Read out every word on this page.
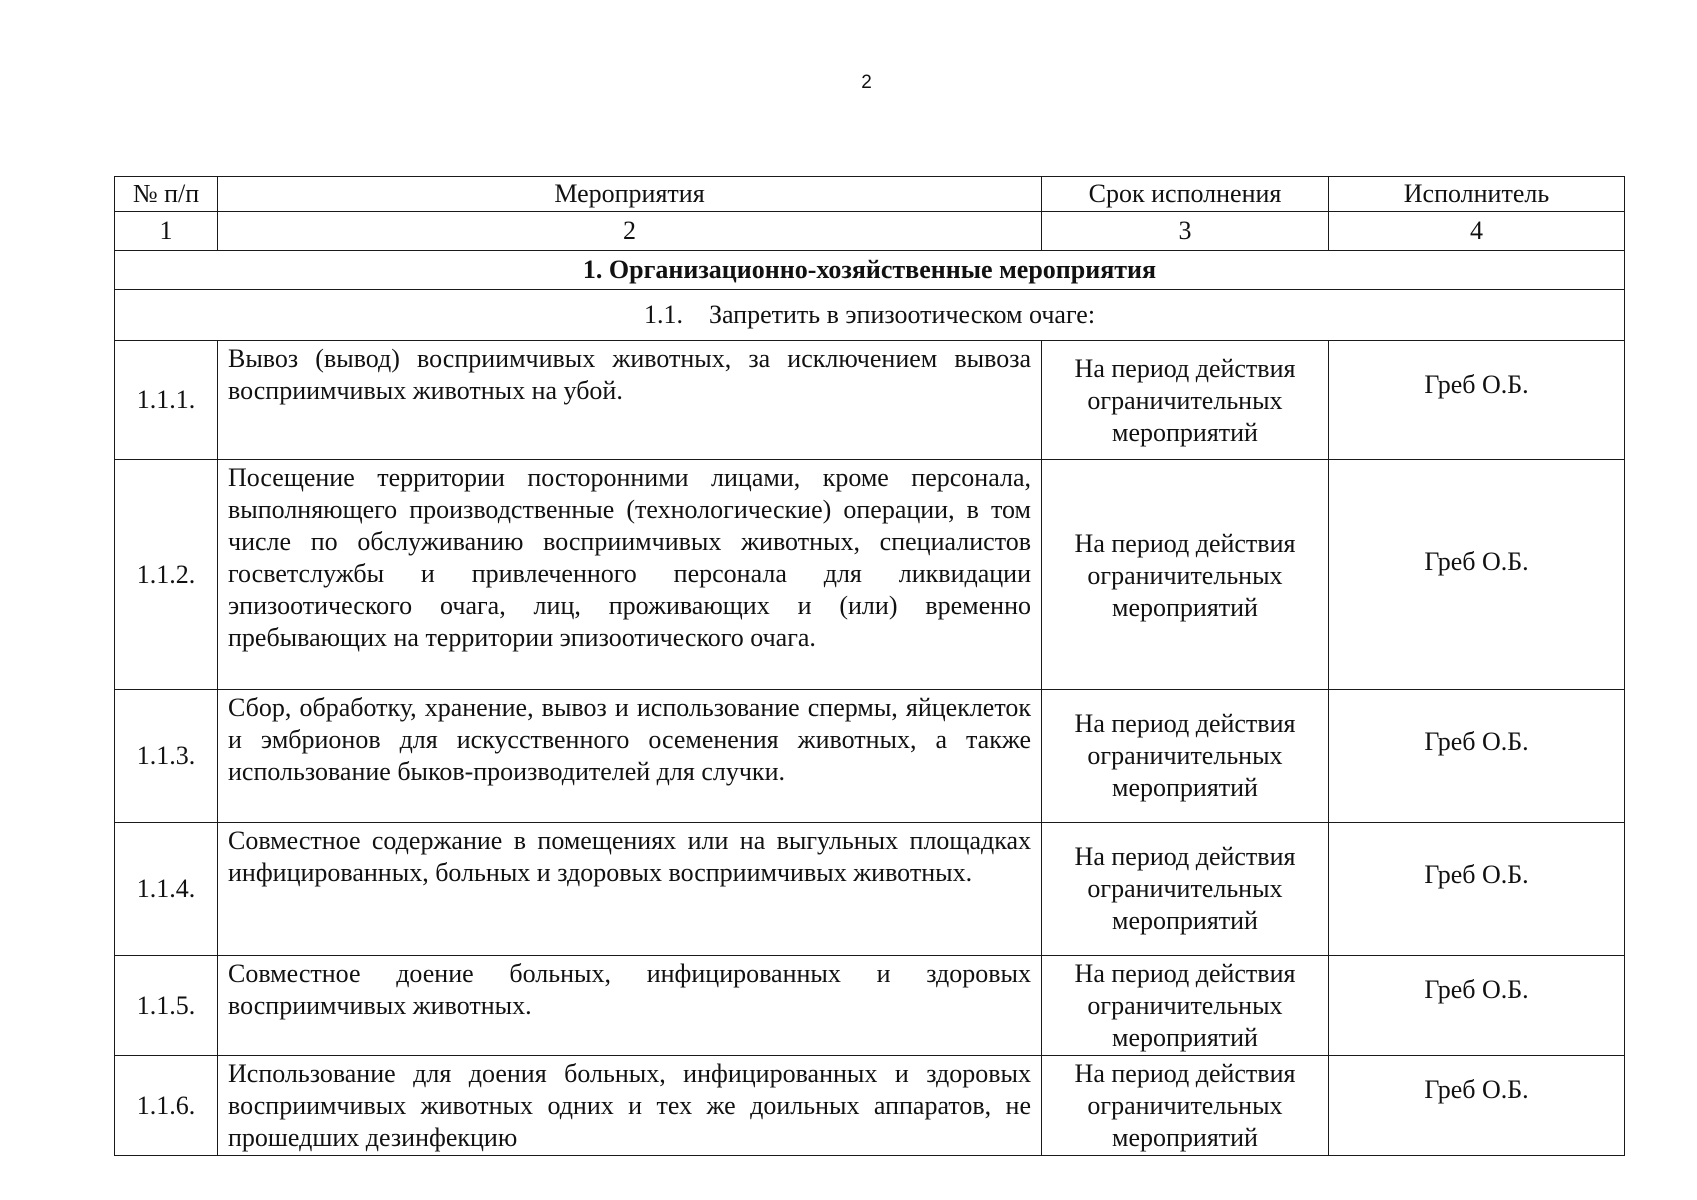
2
№ п/п	Мероприятия	Срок исполнения	Исполнитель
1	2	3	4
1. Организационно-хозяйственные мероприятия			
1.1. Запретить в эпизоотическом очаге:			
1.1.1.	Вывоз (вывод) восприимчивых животных, за исключением вывоза восприимчивых животных на убой.	На период действия ограничительных мероприятий	Греб О.Б.
1.1.2.	Посещение территории посторонними лицами, кроме персонала, выполняющего производственные (технологические) операции, в том числе по обслуживанию восприимчивых животных, специалистов госветслужбы и привлеченного персонала для ликвидации эпизоотического очага, лиц, проживающих и (или) временно пребывающих на территории эпизоотического очага.	На период действия ограничительных мероприятий	Греб О.Б.
1.1.3.	Сбор, обработку, хранение, вывоз и использование спермы, яйцеклеток и эмбрионов для искусственного осеменения животных, а также использование быков-производителей для случки.	На период действия ограничительных мероприятий	Греб О.Б.
1.1.4.	Совместное содержание в помещениях или на выгульных площадках инфицированных, больных и здоровых восприимчивых животных.	На период действия ограничительных мероприятий	Греб О.Б.
1.1.5.	Совместное доение больных, инфицированных и здоровых восприимчивых животных.	На период действия ограничительных мероприятий	Греб О.Б.
1.1.6.	Использование для доения больных, инфицированных и здоровых восприимчивых животных одних и тех же доильных аппаратов, не прошедших дезинфекцию	На период действия ограничительных мероприятий	Греб О.Б.
